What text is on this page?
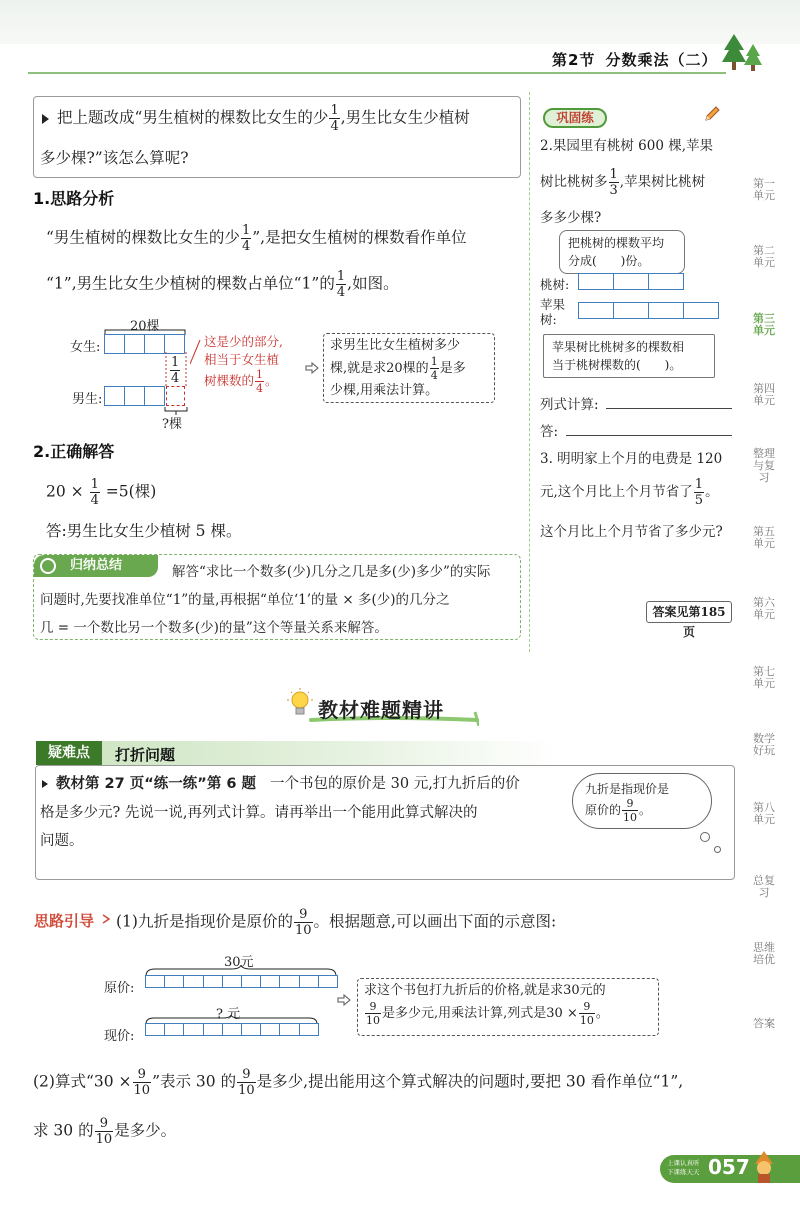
第2节 分数乘法（二）
把上题改成“男生植树的棵数比女生的少 $\frac{1}{4}$ ,男生比女生少植树
多少棵?”该怎么算呢?
1.思路分析
“男生植树的棵数比女生的少 $\frac{1}{4}$ ”,是把女生植树的棵数看作单位
“1”,男生比女生少植树的棵数占单位“1”的 $\frac{1}{4}$ ,如图。
20棵
女生:
$\frac{1}{4}$
男生:
?棵
这是少的部分,
相当于女生植
树棵数的 $\frac{1}{4}$ 。
求男生比女生植树多少
棵,就是求20棵的 $\frac{1}{4}$ 是多
少棵,用乘法计算。
2.正确解答
$20 \times \frac{1}{4} =5$(棵)
答:男生比女生少植树 5 棵。
归纳总结	解答“求比一个数多(少)几分之几是多(少)多少”的实际
问题时,先要找准单位“1”的量,再根据“单位‘1’的量 × 多(少)的几分之
几 = 一个数比另一个数多(少)的量”这个等量关系来解答。
巩固练
2.果园里有桃树 600 棵,苹果
树比桃树多 $\frac{1}{3}$ ,苹果树比桃树
多多少棵?
把桃树的棵数平均
分成(　　)份。
桃树:
苹果
树:
苹果树比桃树多的棵数相
当于桃树棵数的(　　)。
列式计算:
答:
3. 明明家上个月的电费是 120
元,这个月比上个月节省了 $\frac{1}{5}$ 。
这个月比上个月节省了多少元?
答案见第185页
第一单元
第二单元
第三单元
第四单元
整理与复习
第五单元
第六单元
第七单元
数学好玩
第八单元
总复习
思维培优
答案
教材难题精讲
疑难点	打折问题
教材第 27 页“练一练”第 6 题 一个书包的原价是 30 元,打九折后的价
格是多少元? 先说一说,再列式计算。请再举出一个能用此算式解决的
问题。
九折是指现价是
原价的 $\frac{9}{10}$ 。
思路引导 (1)九折是指现价是原价的 $\frac{9}{10}$ 。根据题意,可以画出下面的示意图:
30元
原价:
? 元
现价:
求这个书包打九折后的价格,就是求30元的
$\frac{9}{10}$ 是多少元,用乘法计算,列式是$30 \times \frac{9}{10}$ 。
(2)算式“$30 \times \frac{9}{10}$ ”表示 30 的 $\frac{9}{10}$ 是多少,提出能用这个算式解决的问题时,要把 30 看作单位“1”,
求 30 的 $\frac{9}{10}$ 是多少。
上课认真听
下课练天天 057
